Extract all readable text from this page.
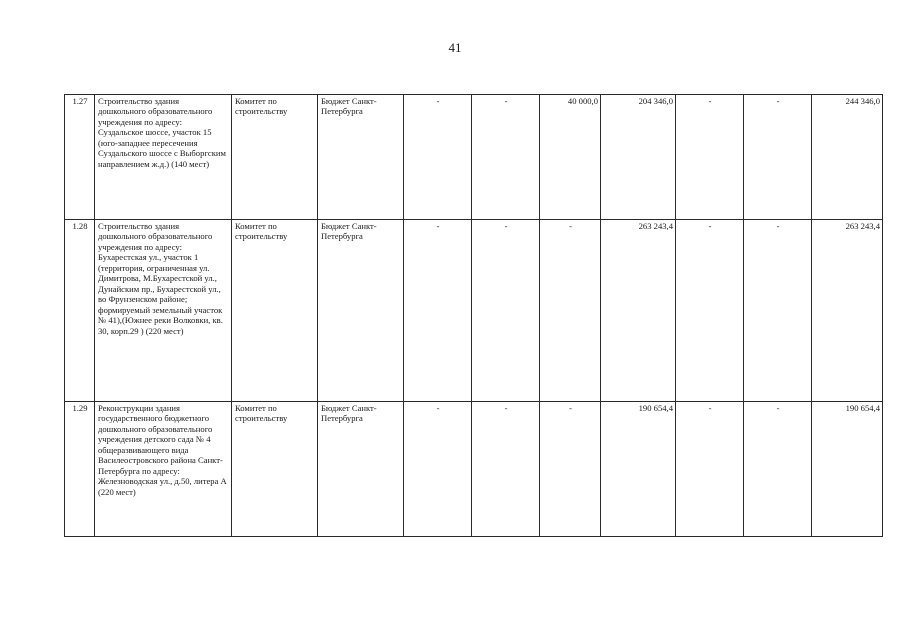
41
1.27	Строительство здания дошкольного образовательного учреждения по адресу: Суздальское шоссе, участок 15 (юго-западнее пересечения Суздальского шоссе с Выборгским направлением ж.д.) (140 мест)	Комитет по строительству	Бюджет Санкт-Петербурга	-	-	40 000,0	204 346,0	-	-	244 346,0
1.28	Строительство здания дошкольного образовательного учреждения по адресу: Бухарестская ул., участок 1 (территория, ограниченная ул. Димитрова, М.Бухарестской ул., Дунайским пр., Бухарестской ул., во Фрунзенском районе; формируемый земельный участок № 41),(Южнее реки Волковки, кв. 30, корп.29 ) (220 мест)	Комитет по строительству	Бюджет Санкт-Петербурга	-	-	-	263 243,4	-	-	263 243,4
1.29	Реконструкции здания государственного бюджетного дошкольного образовательного учреждения детского сада № 4 общеразвивающего вида Василеостровского района Санкт-Петербурга по адресу: Железноводская ул., д.50, литера А (220 мест)	Комитет по строительству	Бюджет Санкт-Петербурга	-	-	-	190 654,4	-	-	190 654,4
